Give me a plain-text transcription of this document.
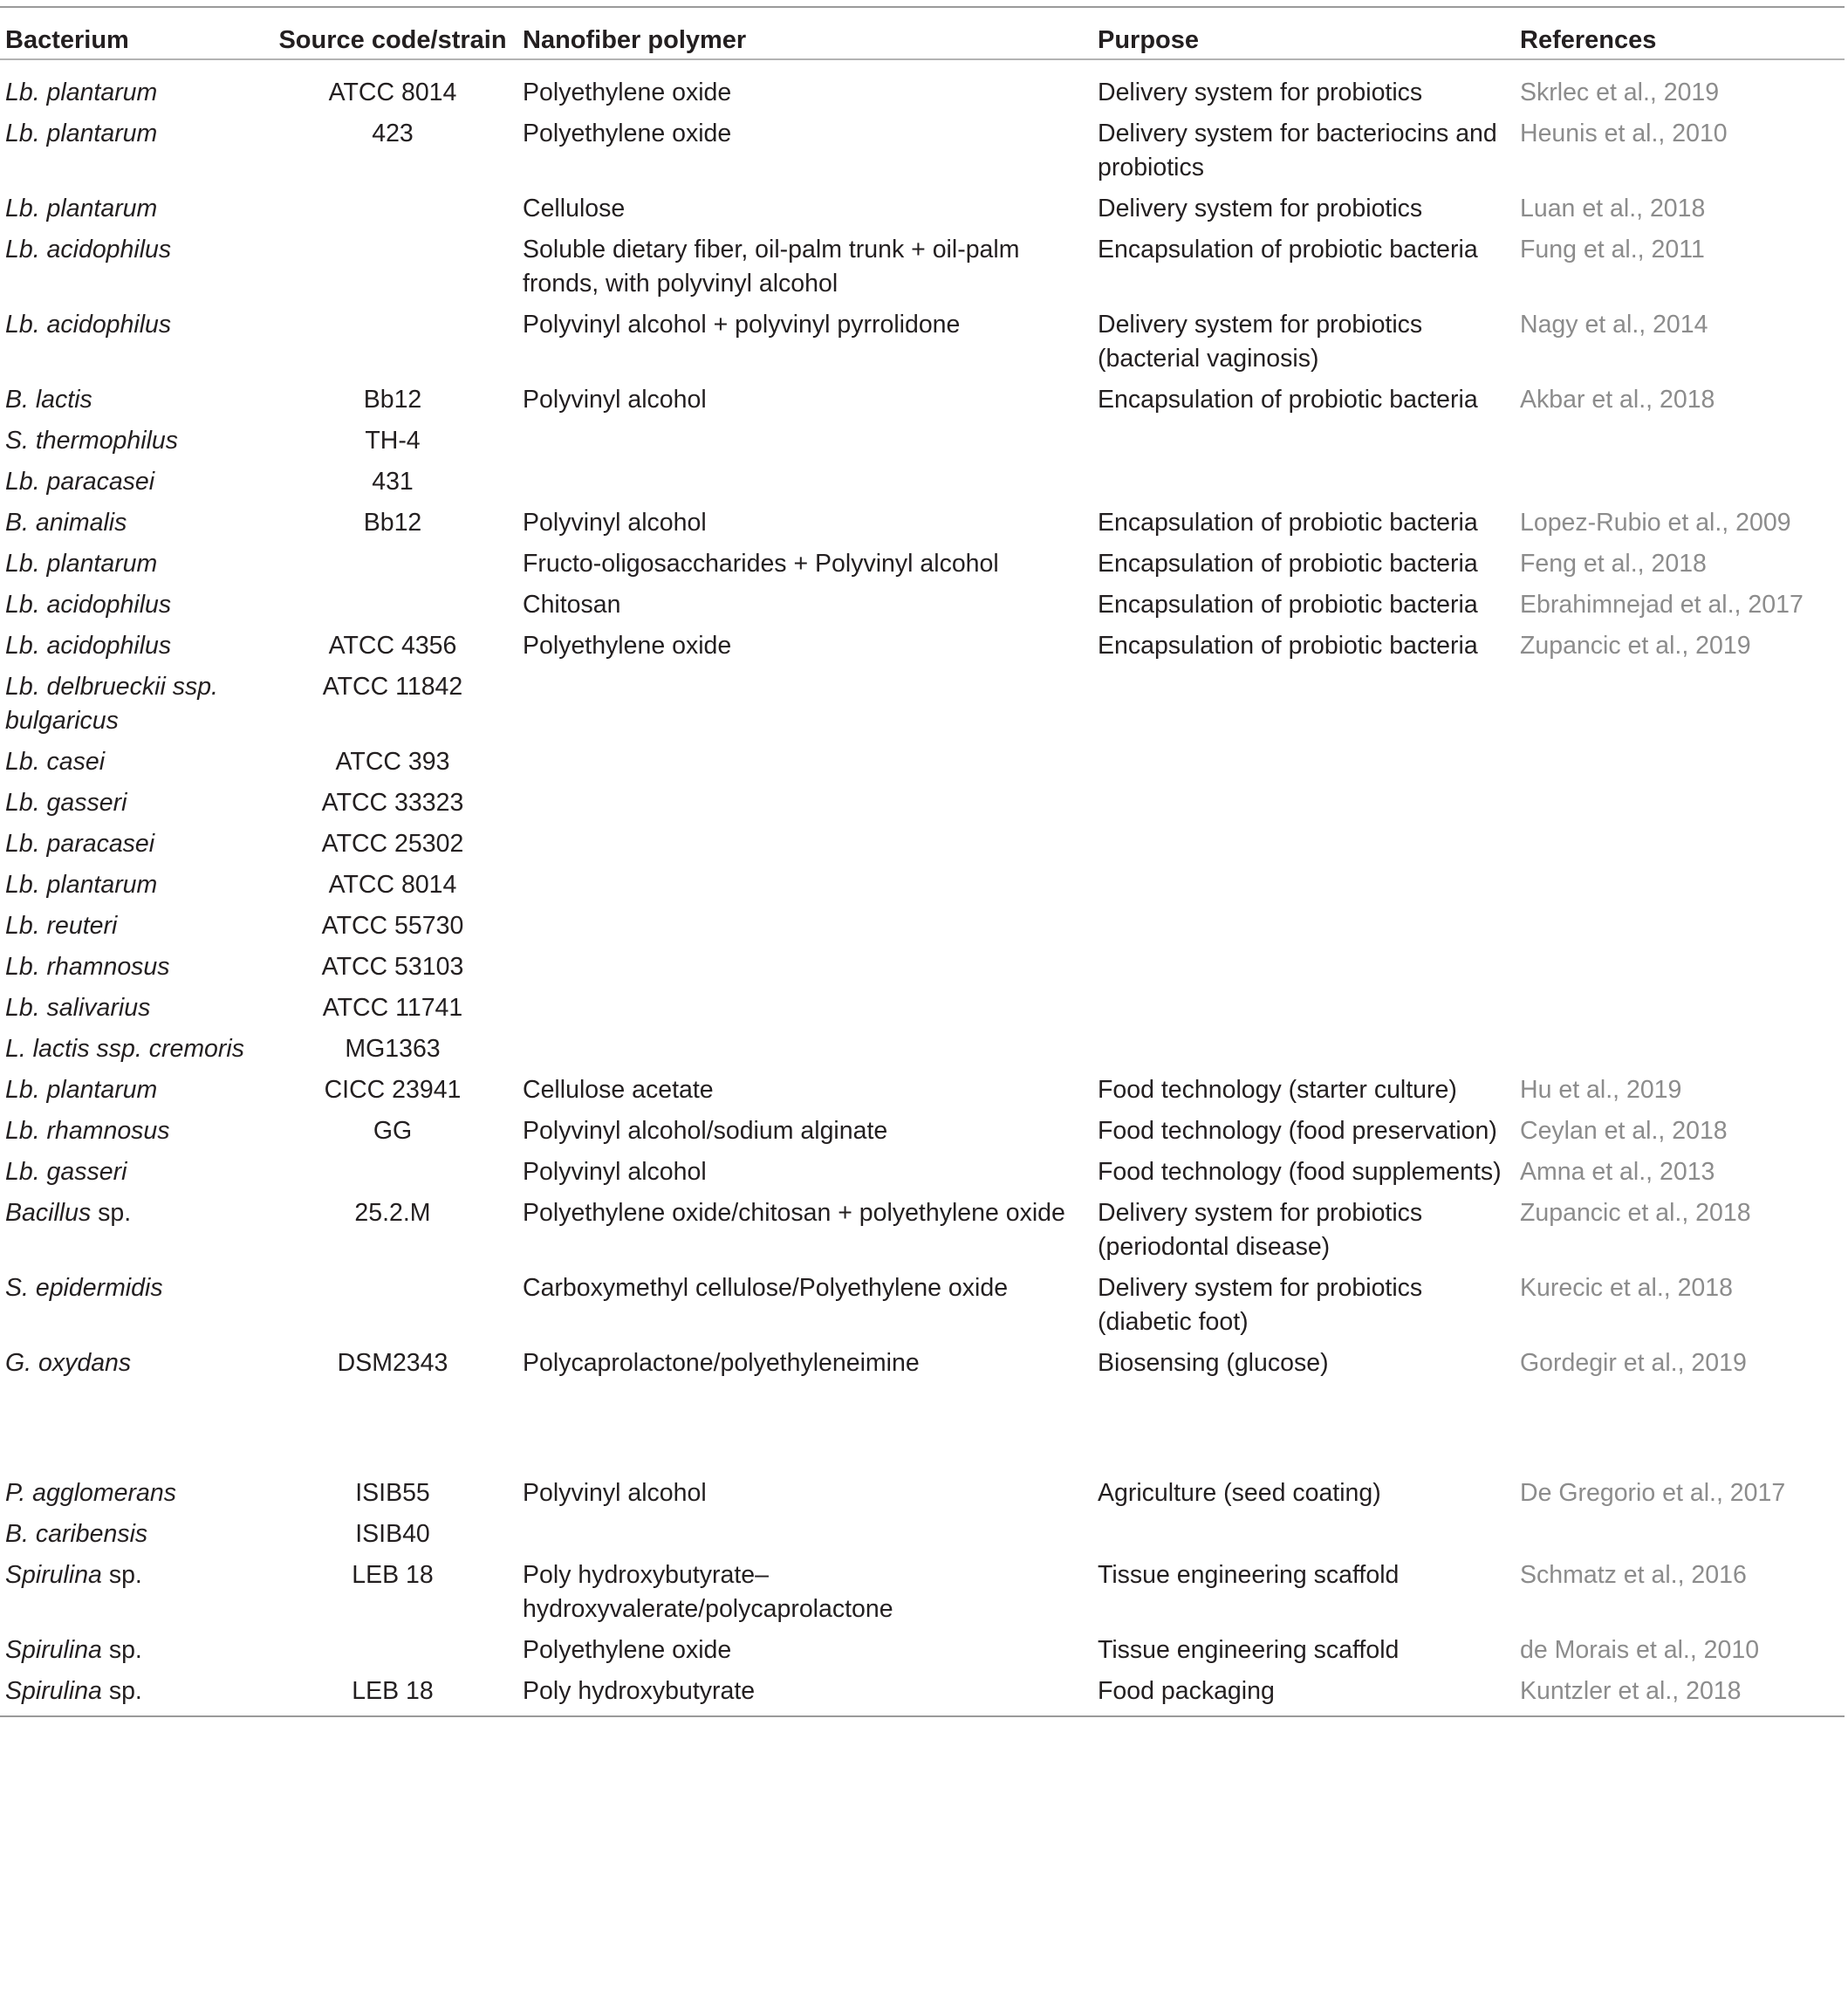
Bacterium	Source code/strain	Nanofiber polymer	Purpose	References
Lb. plantarum	ATCC 8014	Polyethylene oxide	Delivery system for probiotics	Skrlec et al., 2019
Lb. plantarum	423	Polyethylene oxide	Delivery system for bacteriocins and probiotics	Heunis et al., 2010
Lb. plantarum		Cellulose	Delivery system for probiotics	Luan et al., 2018
Lb. acidophilus		Soluble dietary fiber, oil-palm trunk + oil-palm fronds, with polyvinyl alcohol	Encapsulation of probiotic bacteria	Fung et al., 2011
Lb. acidophilus		Polyvinyl alcohol + polyvinyl pyrrolidone	Delivery system for probiotics (bacterial vaginosis)	Nagy et al., 2014
B. lactis	Bb12	Polyvinyl alcohol	Encapsulation of probiotic bacteria	Akbar et al., 2018
S. thermophilus	TH-4			
Lb. paracasei	431			
B. animalis	Bb12	Polyvinyl alcohol	Encapsulation of probiotic bacteria	Lopez-Rubio et al., 2009
Lb. plantarum		Fructo-oligosaccharides + Polyvinyl alcohol	Encapsulation of probiotic bacteria	Feng et al., 2018
Lb. acidophilus		Chitosan	Encapsulation of probiotic bacteria	Ebrahimnejad et al., 2017
Lb. acidophilus	ATCC 4356	Polyethylene oxide	Encapsulation of probiotic bacteria	Zupancic et al., 2019
Lb. delbrueckii ssp. bulgaricus	ATCC 11842			
Lb. casei	ATCC 393			
Lb. gasseri	ATCC 33323			
Lb. paracasei	ATCC 25302			
Lb. plantarum	ATCC 8014			
Lb. reuteri	ATCC 55730			
Lb. rhamnosus	ATCC 53103			
Lb. salivarius	ATCC 11741			
L. lactis ssp. cremoris	MG1363			
Lb. plantarum	CICC 23941	Cellulose acetate	Food technology (starter culture)	Hu et al., 2019
Lb. rhamnosus	GG	Polyvinyl alcohol/sodium alginate	Food technology (food preservation)	Ceylan et al., 2018
Lb. gasseri		Polyvinyl alcohol	Food technology (food supplements)	Amna et al., 2013
Bacillus sp.	25.2.M	Polyethylene oxide/chitosan + polyethylene oxide	Delivery system for probiotics (periodontal disease)	Zupancic et al., 2018
S. epidermidis		Carboxymethyl cellulose/Polyethylene oxide	Delivery system for probiotics (diabetic foot)	Kurecic et al., 2018
G. oxydans	DSM2343	Polycaprolactone/polyethyleneimine	Biosensing (glucose)	Gordegir et al., 2019

P. agglomerans	ISIB55	Polyvinyl alcohol	Agriculture (seed coating)	De Gregorio et al., 2017
B. caribensis	ISIB40			
Spirulina sp.	LEB 18	Poly hydroxybutyrate–hydroxyvalerate/polycaprolactone	Tissue engineering scaffold	Schmatz et al., 2016
Spirulina sp.		Polyethylene oxide	Tissue engineering scaffold	de Morais et al., 2010
Spirulina sp.	LEB 18	Poly hydroxybutyrate	Food packaging	Kuntzler et al., 2018
